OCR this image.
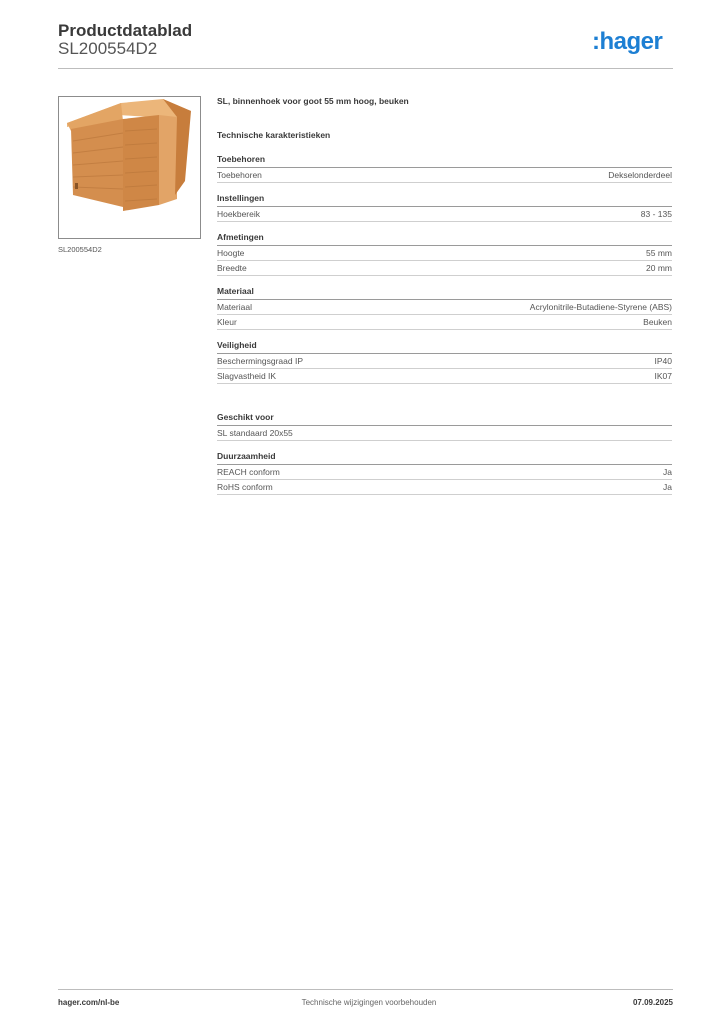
Productdatablad
SL200554D2	:hager
SL200554D2
SL, binnenhoek voor goot 55 mm hoog, beuken
Technische karakteristieken
Toebehoren
Toebehoren	Dekselonderdeel
Instellingen
Hoekbereik	83 - 135
Afmetingen
Hoogte	55 mm
Breedte	20 mm
Materiaal
Materiaal	Acrylonitrile-Butadiene-Styrene (ABS)
Kleur	Beuken
Veiligheid
Beschermingsgraad IP	IP40
Slagvastheid IK	IK07
Geschikt voor
SL standaard 20x55
Duurzaamheid
REACH conform	Ja
RoHS conform	Ja
hager.com/nl-be	Technische wijzigingen voorbehouden	07.09.2025
